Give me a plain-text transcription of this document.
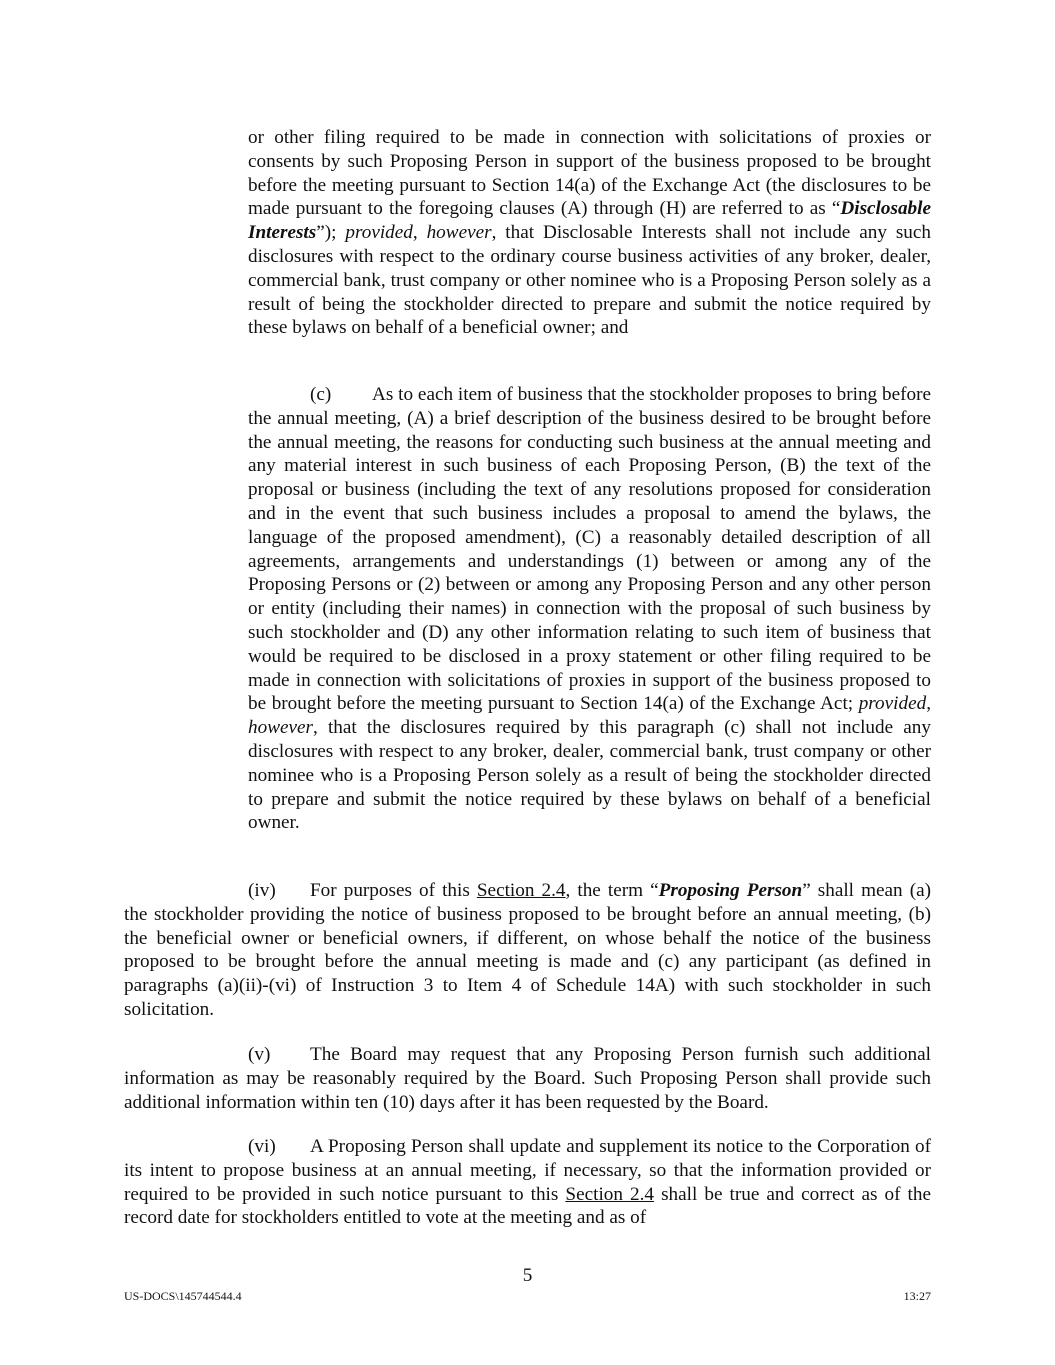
or other filing required to be made in connection with solicitations of proxies or consents by such Proposing Person in support of the business proposed to be brought before the meeting pursuant to Section 14(a) of the Exchange Act (the disclosures to be made pursuant to the foregoing clauses (A) through (H) are referred to as “Disclosable Interests”); provided, however, that Disclosable Interests shall not include any such disclosures with respect to the ordinary course business activities of any broker, dealer, commercial bank, trust company or other nominee who is a Proposing Person solely as a result of being the stockholder directed to prepare and submit the notice required by these bylaws on behalf of a beneficial owner; and

(c) As to each item of business that the stockholder proposes to bring before the annual meeting, (A) a brief description of the business desired to be brought before the annual meeting, the reasons for conducting such business at the annual meeting and any material interest in such business of each Proposing Person, (B) the text of the proposal or business (including the text of any resolutions proposed for consideration and in the event that such business includes a proposal to amend the bylaws, the language of the proposed amendment), (C) a reasonably detailed description of all agreements, arrangements and understandings (1) between or among any of the Proposing Persons or (2) between or among any Proposing Person and any other person or entity (including their names) in connection with the proposal of such business by such stockholder and (D) any other information relating to such item of business that would be required to be disclosed in a proxy statement or other filing required to be made in connection with solicitations of proxies in support of the business proposed to be brought before the meeting pursuant to Section 14(a) of the Exchange Act; provided, however, that the disclosures required by this paragraph (c) shall not include any disclosures with respect to any broker, dealer, commercial bank, trust company or other nominee who is a Proposing Person solely as a result of being the stockholder directed to prepare and submit the notice required by these bylaws on behalf of a beneficial owner.

(iv) For purposes of this Section 2.4, the term “Proposing Person” shall mean (a) the stockholder providing the notice of business proposed to be brought before an annual meeting, (b) the beneficial owner or beneficial owners, if different, on whose behalf the notice of the business proposed to be brought before the annual meeting is made and (c) any participant (as defined in paragraphs (a)(ii)-(vi) of Instruction 3 to Item 4 of Schedule 14A) with such stockholder in such solicitation.

(v) The Board may request that any Proposing Person furnish such additional information as may be reasonably required by the Board. Such Proposing Person shall provide such additional information within ten (10) days after it has been requested by the Board.

(vi) A Proposing Person shall update and supplement its notice to the Corporation of its intent to propose business at an annual meeting, if necessary, so that the information provided or required to be provided in such notice pursuant to this Section 2.4 shall be true and correct as of the record date for stockholders entitled to vote at the meeting and as of

5
US-DOCS\145744544.4	13:27
